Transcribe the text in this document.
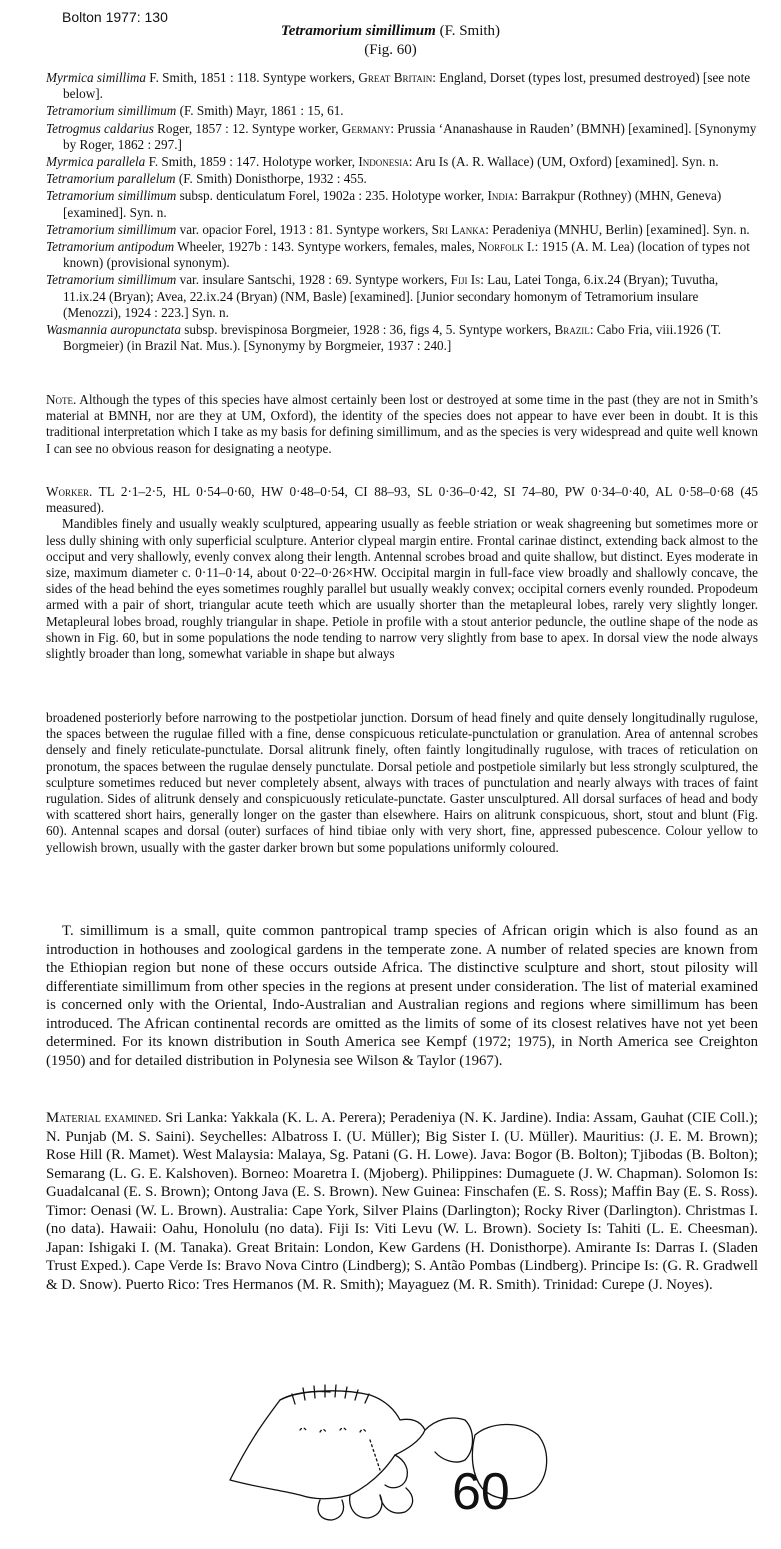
Bolton 1977: 130
Tetramorium simillimum (F. Smith)
(Fig. 60)

Myrmica simillima F. Smith, 1851 : 118. Syntype workers, Great Britain: England, Dorset (types lost, presumed destroyed) [see note below].

Tetramorium simillimum (F. Smith) Mayr, 1861 : 15, 61.

Tetrogmus caldarius Roger, 1857 : 12. Syntype worker, Germany: Prussia ‘Ananashause in Rauden’ (BMNH) [examined]. [Synonymy by Roger, 1862 : 297.]

Myrmica parallela F. Smith, 1859 : 147. Holotype worker, Indonesia: Aru Is (A. R. Wallace) (UM, Oxford) [examined]. Syn. n.

Tetramorium parallelum (F. Smith) Donisthorpe, 1932 : 455.

Tetramorium simillimum subsp. denticulatum Forel, 1902a : 235. Holotype worker, India: Barrakpur (Rothney) (MHN, Geneva) [examined]. Syn. n.

Tetramorium simillimum var. opacior Forel, 1913 : 81. Syntype workers, Sri Lanka: Peradeniya (MNHU, Berlin) [examined]. Syn. n.

Tetramorium antipodum Wheeler, 1927b : 143. Syntype workers, females, males, Norfolk I.: 1915 (A. M. Lea) (location of types not known) (provisional synonym).

Tetramorium simillimum var. insulare Santschi, 1928 : 69. Syntype workers, Fiji Is: Lau, Latei Tonga, 6.ix.24 (Bryan); Tuvutha, 11.ix.24 (Bryan); Avea, 22.ix.24 (Bryan) (NM, Basle) [examined]. [Junior secondary homonym of Tetramorium insulare (Menozzi), 1924 : 223.] Syn. n.

Wasmannia auropunctata subsp. brevispinosa Borgmeier, 1928 : 36, figs 4, 5. Syntype workers, Brazil: Cabo Fria, viii.1926 (T. Borgmeier) (in Brazil Nat. Mus.). [Synonymy by Borgmeier, 1937 : 240.]

Note. Although the types of this species have almost certainly been lost or destroyed at some time in the past (they are not in Smith’s material at BMNH, nor are they at UM, Oxford), the identity of the species does not appear to have ever been in doubt. It is this traditional interpretation which I take as my basis for defining simillimum, and as the species is very widespread and quite well known I can see no obvious reason for designating a neotype.

Worker. TL 2·1–2·5, HL 0·54–0·60, HW 0·48–0·54, CI 88–93, SL 0·36–0·42, SI 74–80, PW 0·34–0·40, AL 0·58–0·68 (45 measured).

Mandibles finely and usually weakly sculptured, appearing usually as feeble striation or weak shagreening but sometimes more or less dully shining with only superficial sculpture. Anterior clypeal margin entire. Frontal carinae distinct, extending back almost to the occiput and very shallowly, evenly convex along their length. Antennal scrobes broad and quite shallow, but distinct. Eyes moderate in size, maximum diameter c. 0·11–0·14, about 0·22–0·26×HW. Occipital margin in full-face view broadly and shallowly concave, the sides of the head behind the eyes sometimes roughly parallel but usually weakly convex; occipital corners evenly rounded. Propodeum armed with a pair of short, triangular acute teeth which are usually shorter than the metapleural lobes, rarely very slightly longer. Metapleural lobes broad, roughly triangular in shape. Petiole in profile with a stout anterior peduncle, the outline shape of the node as shown in Fig. 60, but in some populations the node tending to narrow very slightly from base to apex. In dorsal view the node always slightly broader than long, somewhat variable in shape but always

broadened posteriorly before narrowing to the postpetiolar junction. Dorsum of head finely and quite densely longitudinally rugulose, the spaces between the rugulae filled with a fine, dense conspicuous reticulate-punctulation or granulation. Area of antennal scrobes densely and finely reticulate-punctulate. Dorsal alitrunk finely, often faintly longitudinally rugulose, with traces of reticulation on pronotum, the spaces between the rugulae densely punctulate. Dorsal petiole and postpetiole similarly but less strongly sculptured, the sculpture sometimes reduced but never completely absent, always with traces of punctulation and nearly always with traces of faint rugulation. Sides of alitrunk densely and conspicuously reticulate-punctate. Gaster unsculptured. All dorsal surfaces of head and body with scattered short hairs, generally longer on the gaster than elsewhere. Hairs on alitrunk conspicuous, short, stout and blunt (Fig. 60). Antennal scapes and dorsal (outer) surfaces of hind tibiae only with very short, fine, appressed pubescence. Colour yellow to yellowish brown, usually with the gaster darker brown but some populations uniformly coloured.

T. simillimum is a small, quite common pantropical tramp species of African origin which is also found as an introduction in hothouses and zoological gardens in the temperate zone. A number of related species are known from the Ethiopian region but none of these occurs outside Africa. The distinctive sculpture and short, stout pilosity will differentiate simillimum from other species in the regions at present under consideration. The list of material examined is concerned only with the Oriental, Indo-Australian and Australian regions and regions where simillimum has been introduced. The African continental records are omitted as the limits of some of its closest relatives have not yet been determined. For its known distribution in South America see Kempf (1972; 1975), in North America see Creighton (1950) and for detailed distribution in Polynesia see Wilson & Taylor (1967).

Material examined. Sri Lanka: Yakkala (K. L. A. Perera); Peradeniya (N. K. Jardine). India: Assam, Gauhat (CIE Coll.); N. Punjab (M. S. Saini). Seychelles: Albatross I. (U. Müller); Big Sister I. (U. Müller). Mauritius: (J. E. M. Brown); Rose Hill (R. Mamet). West Malaysia: Malaya, Sg. Patani (G. H. Lowe). Java: Bogor (B. Bolton); Tjibodas (B. Bolton); Semarang (L. G. E. Kalshoven). Borneo: Moaretra I. (Mjoberg). Philippines: Dumaguete (J. W. Chapman). Solomon Is: Guadalcanal (E. S. Brown); Ontong Java (E. S. Brown). New Guinea: Finschafen (E. S. Ross); Maffin Bay (E. S. Ross). Timor: Oenasi (W. L. Brown). Australia: Cape York, Silver Plains (Darlington); Rocky River (Darlington). Christmas I. (no data). Hawaii: Oahu, Honolulu (no data). Fiji Is: Viti Levu (W. L. Brown). Society Is: Tahiti (L. E. Cheesman). Japan: Ishigaki I. (M. Tanaka). Great Britain: London, Kew Gardens (H. Donisthorpe). Amirante Is: Darras I. (Sladen Trust Exped.). Cape Verde Is: Bravo Nova Cintro (Lindberg); S. Antão Pombas (Lindberg). Principe Is: (G. R. Gradwell & D. Snow). Puerto Rico: Tres Hermanos (M. R. Smith); Mayaguez (M. R. Smith). Trinidad: Curepe (J. Noyes).

60
